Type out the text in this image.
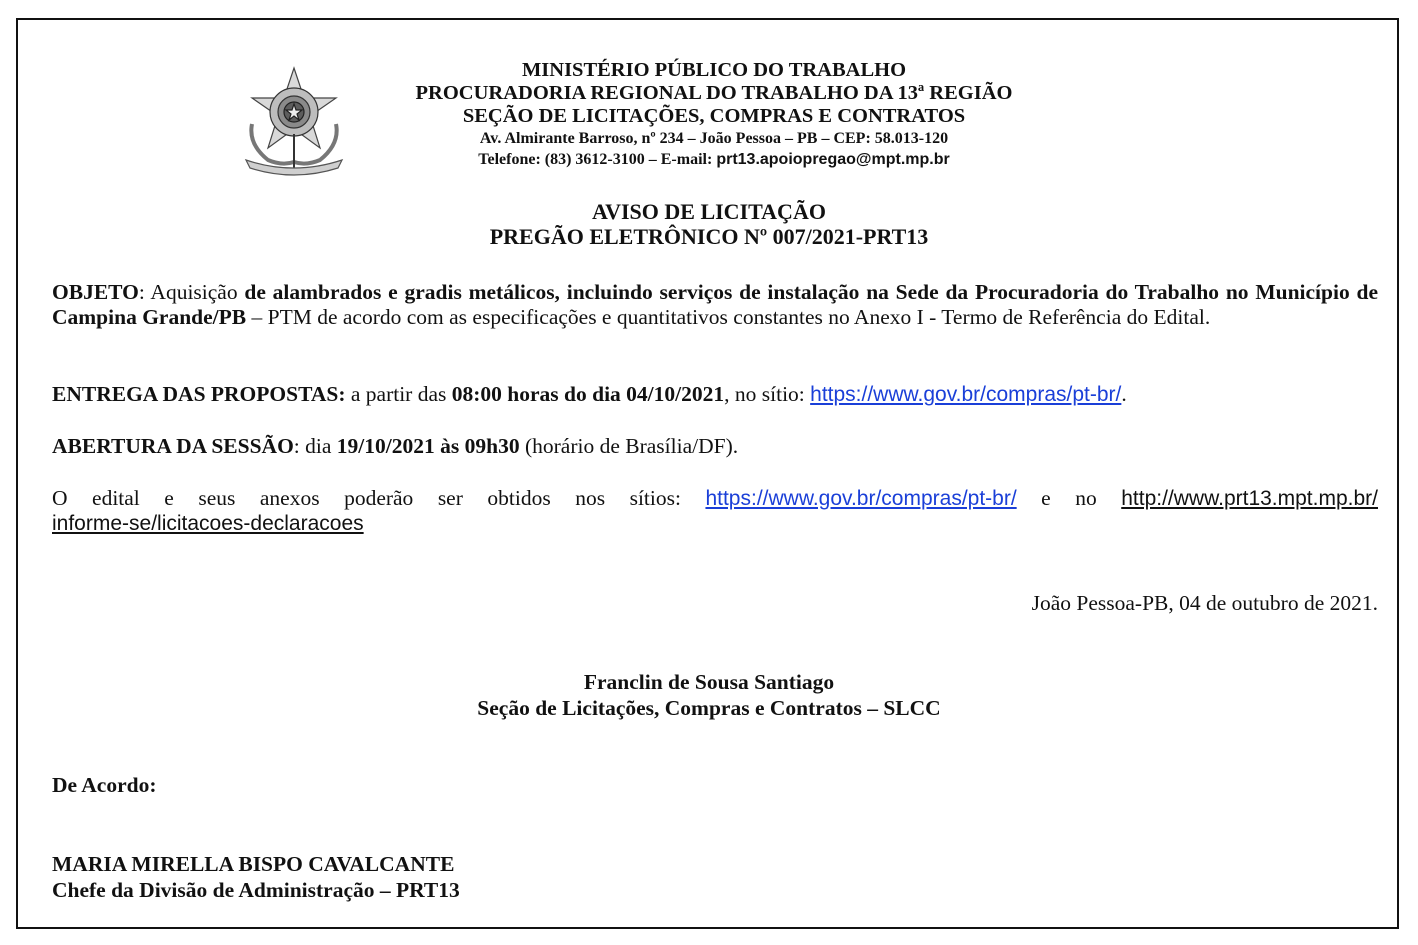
MINISTÉRIO PÚBLICO DO TRABALHO
PROCURADORIA REGIONAL DO TRABALHO DA 13ª REGIÃO
SEÇÃO DE LICITAÇÕES, COMPRAS E CONTRATOS
Av. Almirante Barroso, nº 234 – João Pessoa – PB – CEP: 58.013-120
Telefone: (83) 3612-3100 – E-mail: prt13.apoiopregao@mpt.mp.br
AVISO DE LICITAÇÃO
PREGÃO ELETRÔNICO Nº 007/2021-PRT13
OBJETO: Aquisição de alambrados e gradis metálicos, incluindo serviços de instalação na Sede da Procuradoria do Trabalho no Município de Campina Grande/PB – PTM de acordo com as especificações e quantitativos constantes no Anexo I - Termo de Referência do Edital.
ENTREGA DAS PROPOSTAS: a partir das 08:00 horas do dia 04/10/2021, no sítio: https://www.gov.br/compras/pt-br/.
ABERTURA DA SESSÃO: dia 19/10/2021 às 09h30 (horário de Brasília/DF).
O edital e seus anexos poderão ser obtidos nos sítios: https://www.gov.br/compras/pt-br/ e no http://www.prt13.mpt.mp.br/
informe-se/licitacoes-declaracoes
João Pessoa-PB, 04 de outubro de 2021.
Franclin de Sousa Santiago
Seção de Licitações, Compras e Contratos – SLCC
De Acordo:
MARIA MIRELLA BISPO CAVALCANTE
Chefe da Divisão de Administração – PRT13
